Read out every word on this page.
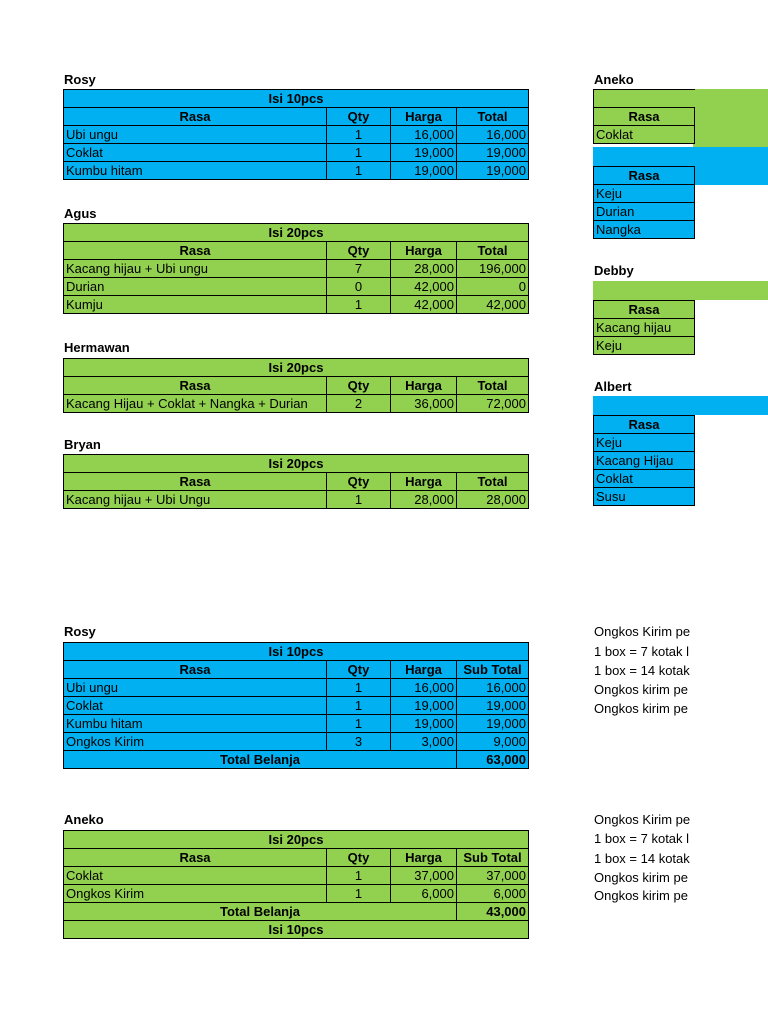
Rosy
Isi 10pcs			
Rasa	Qty	Harga	Total
Ubi ungu	1	16,000	16,000
Coklat	1	19,000	19,000
Kumbu hitam	1	19,000	19,000
Agus
Isi 20pcs			
Rasa	Qty	Harga	Total
Kacang hijau + Ubi ungu	7	28,000	196,000
Durian	0	42,000	0
Kumju	1	42,000	42,000
Hermawan
Isi 20pcs			
Rasa	Qty	Harga	Total
Kacang Hijau + Coklat + Nangka + Durian	2	36,000	72,000
Bryan
Isi 20pcs			
Rasa	Qty	Harga	Total
Kacang hijau + Ubi Ungu	1	28,000	28,000
Aneko

Rasa
Coklat
Rasa
Keju
Durian
Nangka
Debby
Rasa
Kacang hijau
Keju
Albert
Rasa
Keju
Kacang Hijau
Coklat
Susu
Rosy
Isi 10pcs			
Rasa	Qty	Harga	Sub Total
Ubi ungu	1	16,000	16,000
Coklat	1	19,000	19,000
Kumbu hitam	1	19,000	19,000
Ongkos Kirim	3	3,000	9,000
Total Belanja			63,000
Ongkos Kirim pe
1 box = 7 kotak l
1 box = 14 kotak
Ongkos kirim pe
Ongkos kirim pe
Aneko
Isi 20pcs			
Rasa	Qty	Harga	Sub Total
Coklat	1	37,000	37,000
Ongkos Kirim	1	6,000	6,000
Total Belanja			43,000
Isi 10pcs			
Ongkos Kirim pe
1 box = 7 kotak l
1 box = 14 kotak
Ongkos kirim pe
Ongkos kirim pe
